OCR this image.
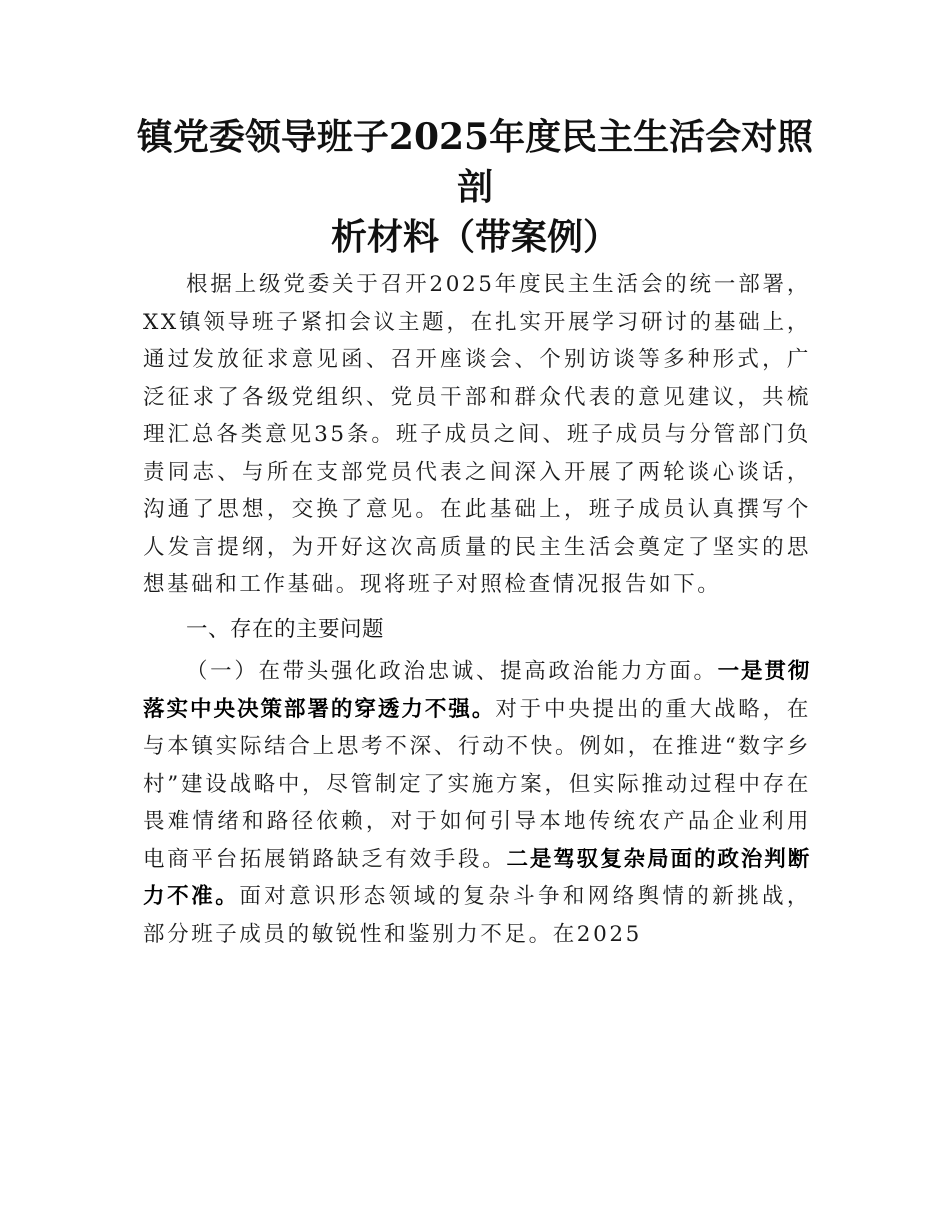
镇党委领导班子2025年度民主生活会对照剖
析材料（带案例）

根据上级党委关于召开2025年度民主生活会的统一部署，XX镇领导班子紧扣会议主题，在扎实开展学习研讨的基础上，通过发放征求意见函、召开座谈会、个别访谈等多种形式，广泛征求了各级党组织、党员干部和群众代表的意见建议，共梳理汇总各类意见35条。班子成员之间、班子成员与分管部门负责同志、与所在支部党员代表之间深入开展了两轮谈心谈话，沟通了思想，交换了意见。在此基础上，班子成员认真撰写个人发言提纲，为开好这次高质量的民主生活会奠定了坚实的思想基础和工作基础。现将班子对照检查情况报告如下。

一、存在的主要问题

（一）在带头强化政治忠诚、提高政治能力方面。一是贯彻落实中央决策部署的穿透力不强。对于中央提出的重大战略，在与本镇实际结合上思考不深、行动不快。例如，在推进“数字乡村”建设战略中，尽管制定了实施方案，但实际推动过程中存在畏难情绪和路径依赖，对于如何引导本地传统农产品企业利用电商平台拓展销路缺乏有效手段。二是驾驭复杂局面的政治判断力不准。面对意识形态领域的复杂斗争和网络舆情的新挑战，部分班子成员的敏锐性和鉴别力不足。在2025
